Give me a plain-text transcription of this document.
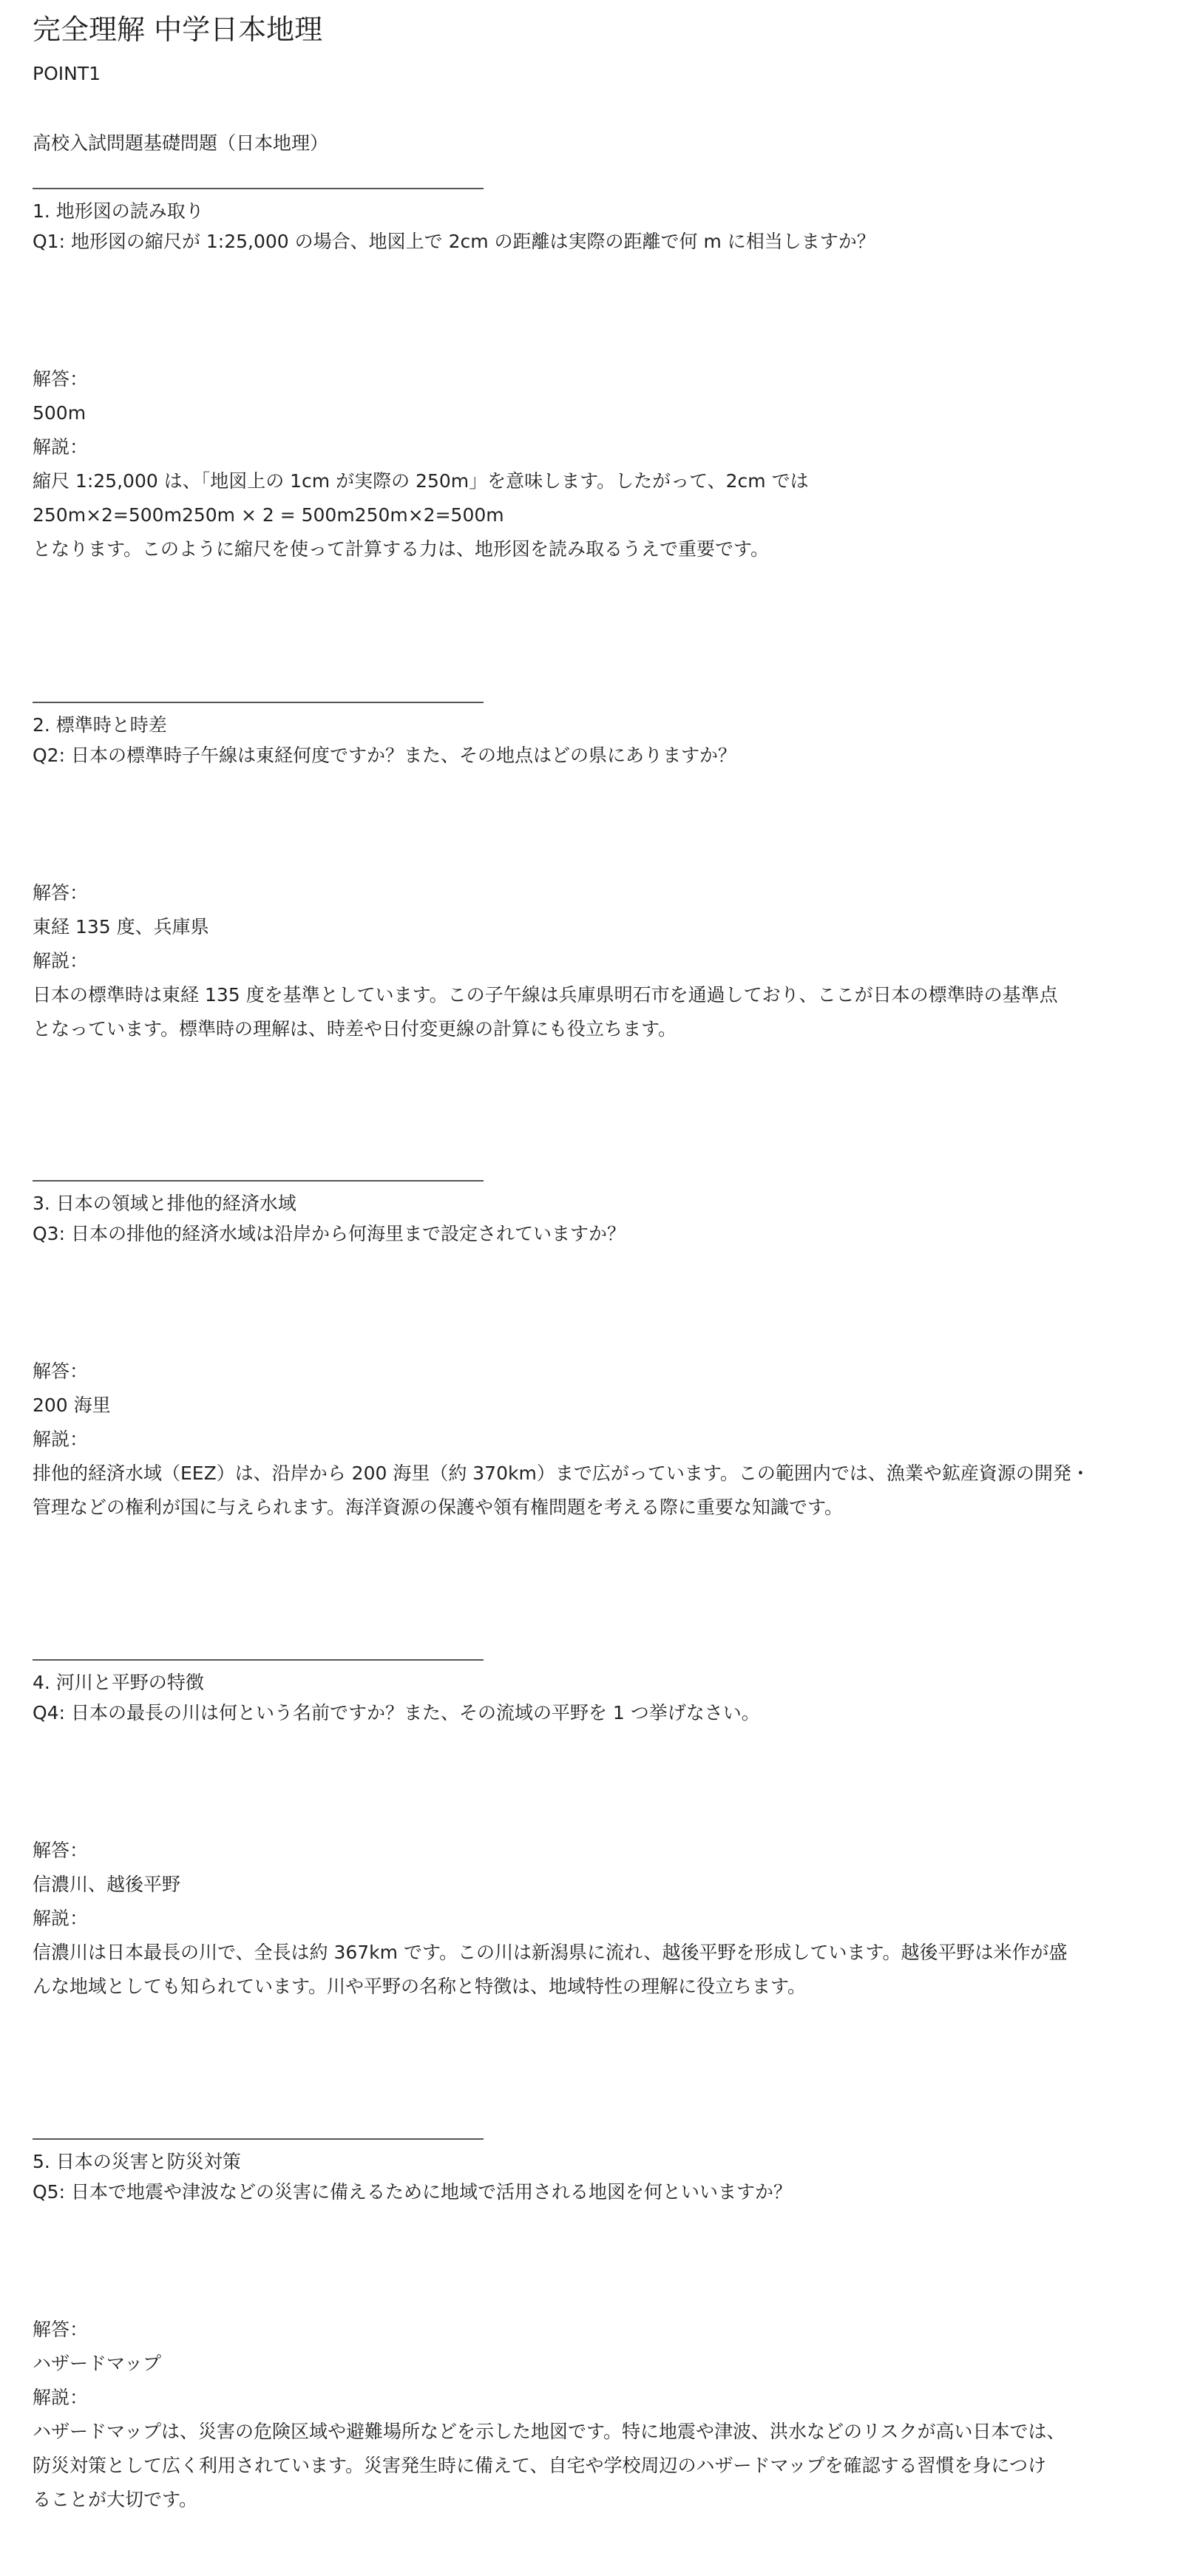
完全理解 中学日本地理
POINT1
高校入試問題基礎問題（日本地理）
1. 地形図の読み取り
Q1: 地形図の縮尺が 1:25,000 の場合、地図上で 2cm の距離は実際の距離で何 m に相当しますか？
解答：
500m
解説：
縮尺 1:25,000 は、「地図上の 1cm が実際の 250m」を意味します。したがって、2cm では
250m×2=500m250m × 2 = 500m250m×2=500m
となります。このように縮尺を使って計算する力は、地形図を読み取るうえで重要です。
2. 標準時と時差
Q2: 日本の標準時子午線は東経何度ですか？また、その地点はどの県にありますか？
解答：
東経 135 度、兵庫県
解説：
日本の標準時は東経 135 度を基準としています。この子午線は兵庫県明石市を通過しており、ここが日本の標準時の基準点
となっています。標準時の理解は、時差や日付変更線の計算にも役立ちます。
3. 日本の領域と排他的経済水域
Q3: 日本の排他的経済水域は沿岸から何海里まで設定されていますか？
解答：
200 海里
解説：
排他的経済水域（EEZ）は、沿岸から 200 海里（約 370km）まで広がっています。この範囲内では、漁業や鉱産資源の開発・
管理などの権利が国に与えられます。海洋資源の保護や領有権問題を考える際に重要な知識です。
4. 河川と平野の特徴
Q4: 日本の最長の川は何という名前ですか？また、その流域の平野を 1 つ挙げなさい。
解答：
信濃川、越後平野
解説：
信濃川は日本最長の川で、全長は約 367km です。この川は新潟県に流れ、越後平野を形成しています。越後平野は米作が盛
んな地域としても知られています。川や平野の名称と特徴は、地域特性の理解に役立ちます。
5. 日本の災害と防災対策
Q5: 日本で地震や津波などの災害に備えるために地域で活用される地図を何といいますか？
解答：
ハザードマップ
解説：
ハザードマップは、災害の危険区域や避難場所などを示した地図です。特に地震や津波、洪水などのリスクが高い日本では、
防災対策として広く利用されています。災害発生時に備えて、自宅や学校周辺のハザードマップを確認する習慣を身につけ
ることが大切です。
